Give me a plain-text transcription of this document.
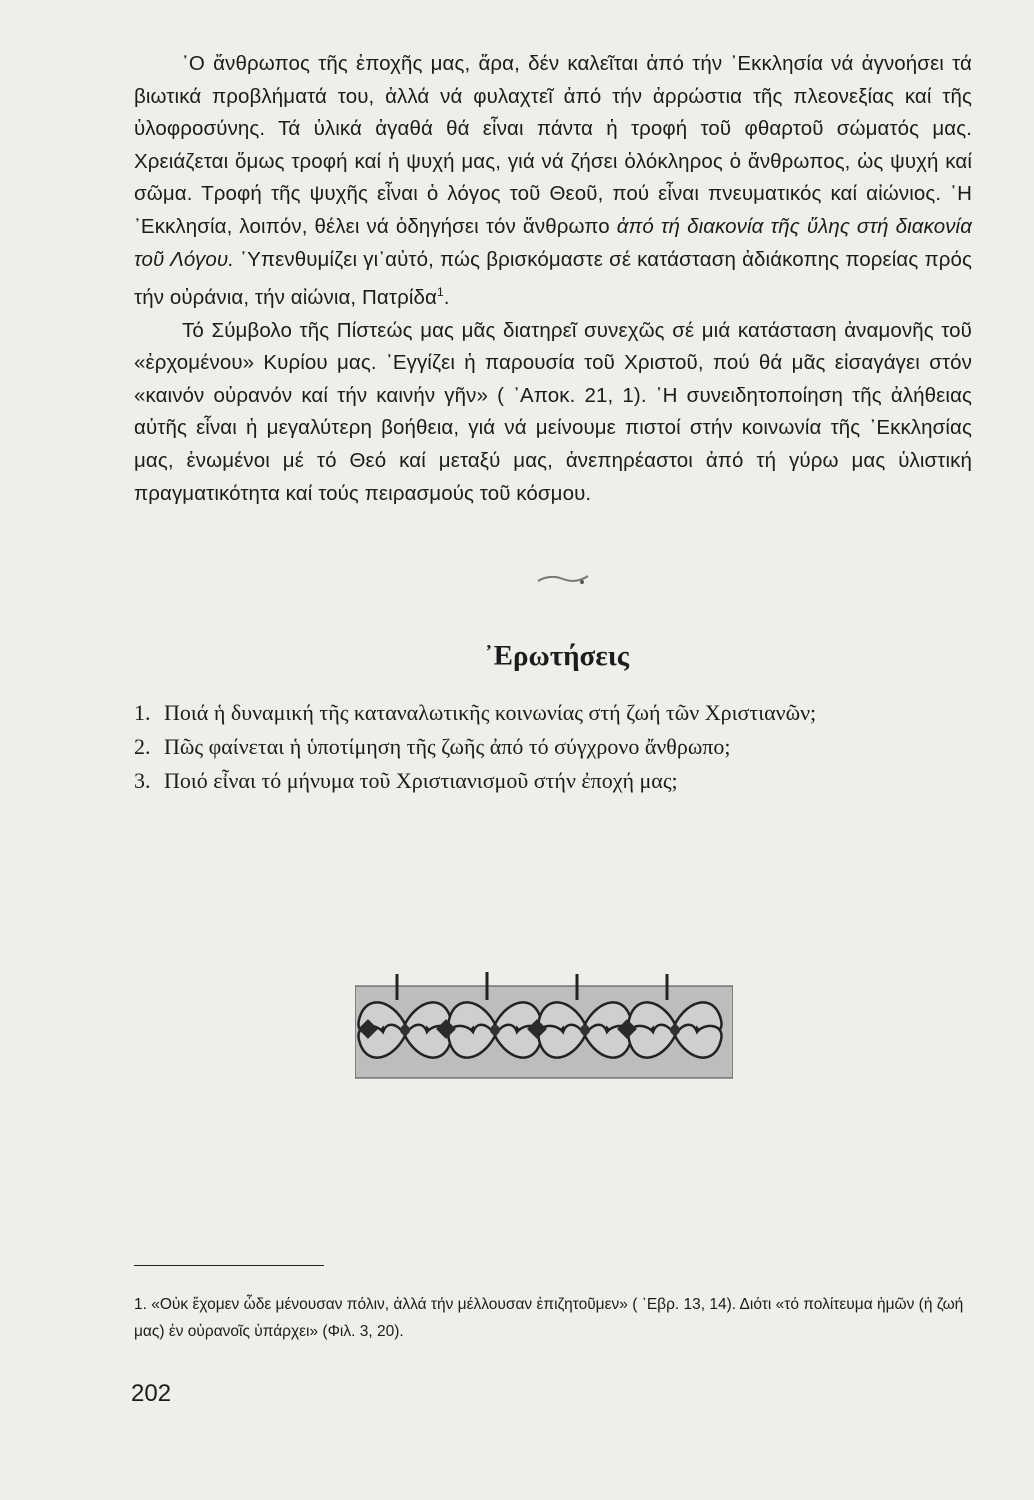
῾Ο ἄνθρωπος τῆς ἐποχῆς μας, ἄρα, δέν καλεῖται ἀπό τήν ᾿Εκκλησία νά ἀγνοήσει τά βιωτικά προβλήματά του, ἀλλά νά φυλαχτεῖ ἀπό τήν ἀρρώστια τῆς πλεονεξίας καί τῆς ὑλοφροσύνης. Τά ὑλικά ἀγαθά θά εἶναι πάντα ἡ τροφή τοῦ φθαρτοῦ σώματός μας. Χρειάζεται ὅμως τροφή καί ἡ ψυχή μας, γιά νά ζήσει ὁλόκληρος ὁ ἄνθρωπος, ὡς ψυχή καί σῶμα. Τροφή τῆς ψυχῆς εἶναι ὁ λόγος τοῦ Θεοῦ, πού εἶναι πνευματικός καί αἰώνιος. ῾Η ᾿Εκκλησία, λοιπόν, θέλει νά ὁδηγήσει τόν ἄνθρωπο ἀπό τή διακονία τῆς ὕλης στή διακονία τοῦ Λόγου. ῾Υπενθυμίζει γι᾿αὐτό, πώς βρισκόμαστε σέ κατάσταση ἀδιάκοπης πορείας πρός τήν οὐράνια, τήν αἰώνια, Πατρίδα$^1$.

Τό Σύμβολο τῆς Πίστεώς μας μᾶς διατηρεῖ συνεχῶς σέ μιά κατάσταση ἀναμονῆς τοῦ «ἐρχομένου» Κυρίου μας. ᾿Εγγίζει ἡ παρουσία τοῦ Χριστοῦ, πού θά μᾶς εἰσαγάγει στόν «καινόν οὐρανόν καί τήν καινήν γῆν» ( ᾿Αποκ. 21, 1). ῾Η συνειδητοποίηση τῆς ἀλήθειας αὐτῆς εἶναι ἡ μεγαλύτερη βοήθεια, γιά νά μείνουμε πιστοί στήν κοινωνία τῆς ᾿Εκκλησίας μας, ἑνωμένοι μέ τό Θεό καί μεταξύ μας, ἀνεπηρέαστοι ἀπό τή γύρω μας ὑλιστική πραγματικότητα καί τούς πειρασμούς τοῦ κόσμου.

᾿Ερωτήσεις
1. Ποιά ἡ δυναμική τῆς καταναλωτικῆς κοινωνίας στή ζωή τῶν Χριστιανῶν;
2. Πῶς φαίνεται ἡ ὑποτίμηση τῆς ζωῆς ἀπό τό σύγχρονο ἄνθρωπο;
3. Ποιό εἶναι τό μήνυμα τοῦ Χριστιανισμοῦ στήν ἐποχή μας;

1. «Οὐκ ἔχομεν ὧδε μένουσαν πόλιν, ἀλλά τήν μέλλουσαν ἐπιζητοῦμεν» ( ᾿Εβρ. 13, 14). Διότι «τό πολίτευμα ἡμῶν (ἡ ζωή μας) ἐν οὐρανοῖς ὑπάρχει» (Φιλ. 3, 20).

202
